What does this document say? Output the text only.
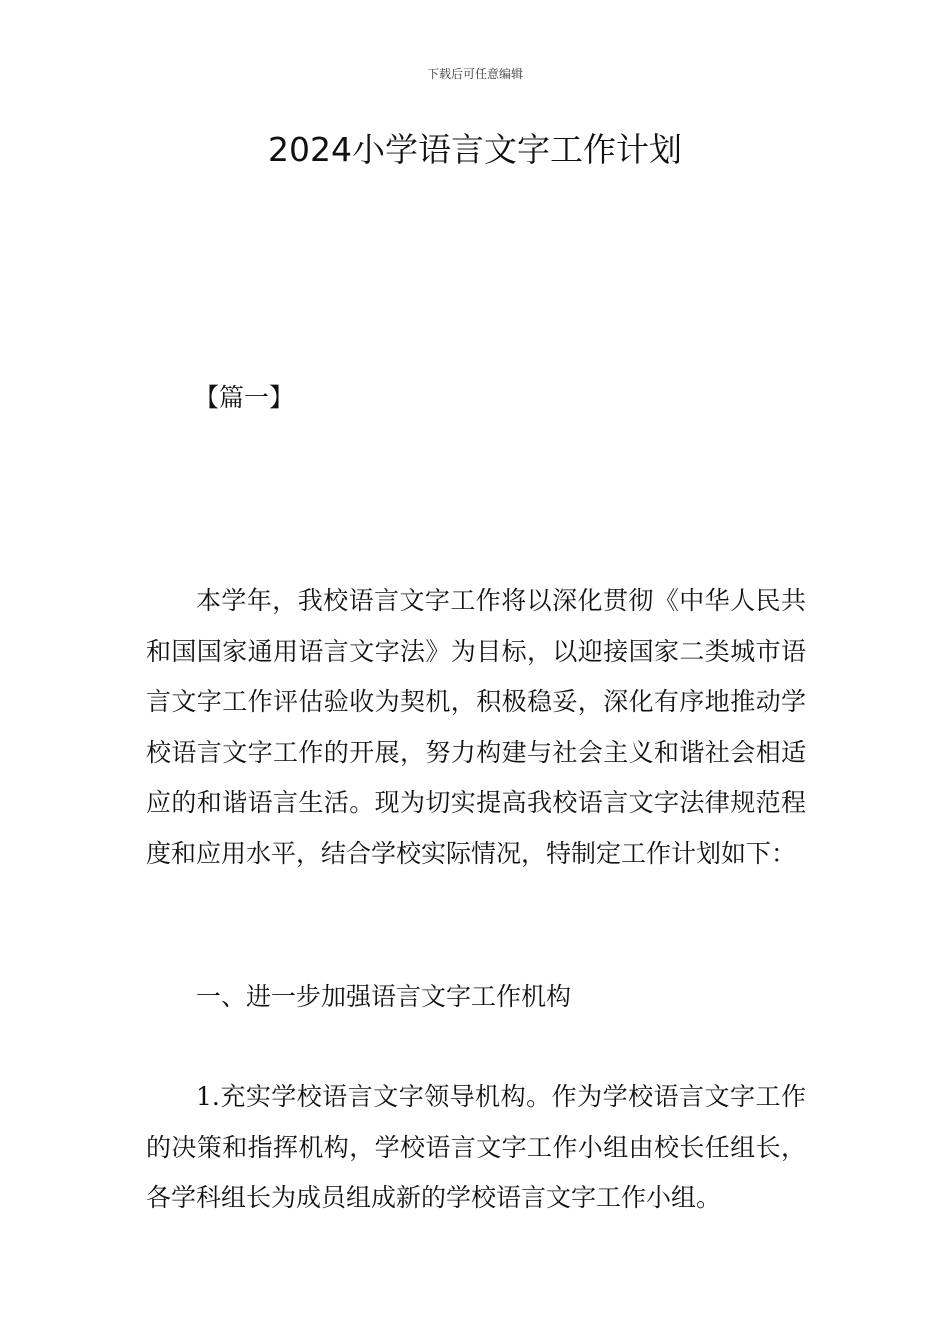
下载后可任意编辑
2024小学语言文字工作计划
【篇一】

本学年，我校语言文字工作将以深化贯彻《中华人民共和国国家通用语言文字法》为目标，以迎接国家二类城市语言文字工作评估验收为契机，积极稳妥，深化有序地推动学校语言文字工作的开展，努力构建与社会主义和谐社会相适应的和谐语言生活。现为切实提高我校语言文字法律规范程度和应用水平，结合学校实际情况，特制定工作计划如下：

一、进一步加强语言文字工作机构

1.充实学校语言文字领导机构。作为学校语言文字工作的决策和指挥机构，学校语言文字工作小组由校长任组长，各学科组长为成员组成新的学校语言文字工作小组。
